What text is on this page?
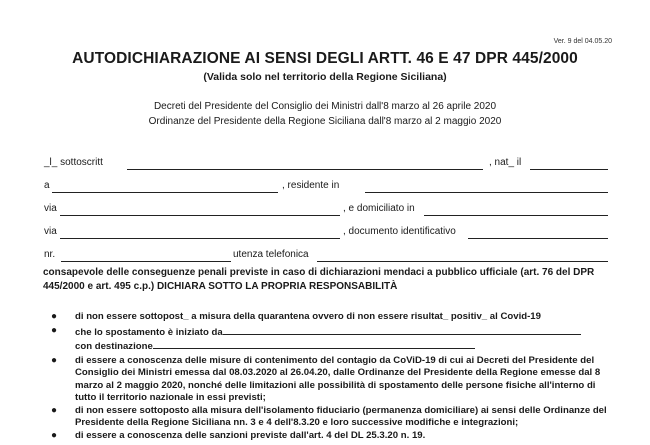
Ver. 9 del 04.05.20
AUTODICHIARAZIONE AI SENSI DEGLI ARTT. 46 E 47 DPR 445/2000
(Valida solo nel territorio della Regione Siciliana)
Decreti del Presidente del Consiglio dei Ministri dall'8 marzo al 26 aprile 2020
Ordinanze del Presidente della Regione Siciliana dall'8 marzo al 2 maggio 2020
_l_ sottoscritt	, nat_ il
a	, residente in
via	, e domiciliato in
via	, documento identificativo
nr.	utenza telefonica
consapevole delle conseguenze penali previste in caso di dichiarazioni mendaci a pubblico ufficiale (art. 76 del DPR 445/2000 e art. 495 c.p.) DICHIARA SOTTO LA PROPRIA RESPONSABILITÀ
● di non essere sottopost_ a misura della quarantena ovvero di non essere risultat_ positiv_ al Covid-19
● che lo spostamento è iniziato da
con destinazione
● di essere a conoscenza delle misure di contenimento del contagio da CoViD-19 di cui ai Decreti del Presidente del Consiglio dei Ministri emessa dal 08.03.2020 al 26.04.20, dalle Ordinanze del Presidente della Regione emesse dal 8 marzo al 2 maggio 2020, nonché delle limitazioni alle possibilità di spostamento delle persone fisiche all'interno di tutto il territorio nazionale in essi previsti;
● di non essere sottoposto alla misura dell'isolamento fiduciario (permanenza domiciliare) ai sensi delle Ordinanze del Presidente della Regione Siciliana nn. 3 e 4 dell'8.3.20 e loro successive modifiche e integrazioni;
● di essere a conoscenza delle sanzioni previste dall'art. 4 del DL 25.3.20 n. 19.
